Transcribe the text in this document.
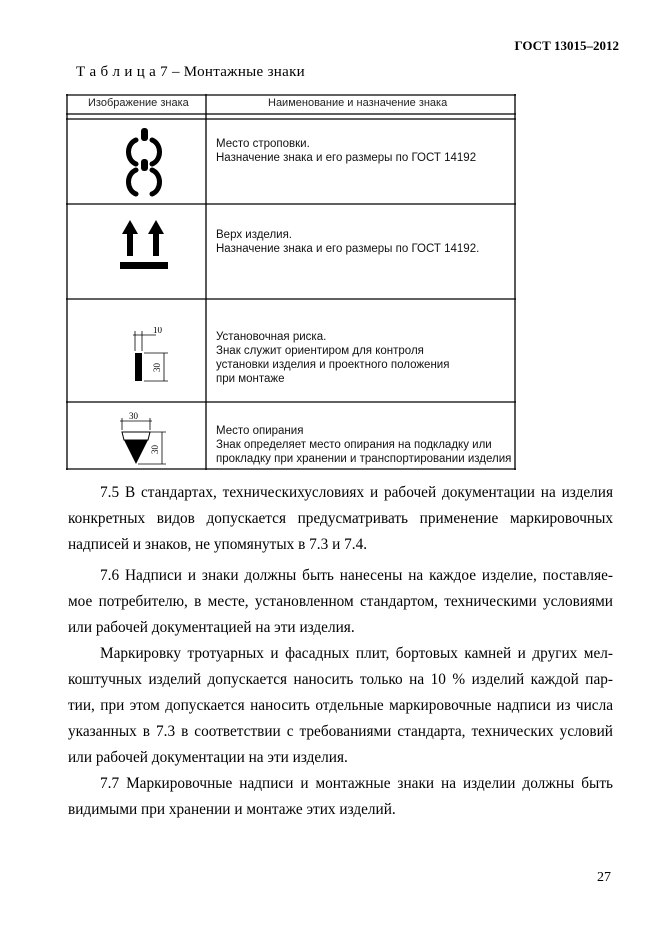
ГОСТ 13015–2012
Т а б л и ц а 7 – Монтажные знаки
Изображение знака	Наименование и назначение знака
Место строповки.
Назначение знака и его размеры по ГОСТ 14192
Верх изделия.
Назначение знака и его размеры по ГОСТ 14192.
10
30
Установочная риска.
Знак служит ориентиром для контроля
установки изделия и проектного положения
при монтаже
30
30
Место опирания
Знак определяет место опирания на подкладку или
прокладку при хранении и транспортировании изделия
7.5 В стандартах, техническихусловиях и рабочей документации на изделия конкретных видов допускается предусматривать применение маркировочных надписей и знаков, не упомянутых в 7.3 и 7.4.
7.6 Надписи и знаки должны быть нанесены на каждое изделие, поставляе-мое потребителю, в месте, установленном стандартом, техническими условиями или рабочей документацией на эти изделия.
Маркировку тротуарных и фасадных плит, бортовых камней и других мел-коштучных изделий допускается наносить только на 10 % изделий каждой пар-тии, при этом допускается наносить отдельные маркировочные надписи из числа указанных в 7.3 в соответствии с требованиями стандарта, технических условий или рабочей документации на эти изделия.
7.7 Маркировочные надписи и монтажные знаки на изделии должны быть видимыми при хранении и монтаже этих изделий.
27
